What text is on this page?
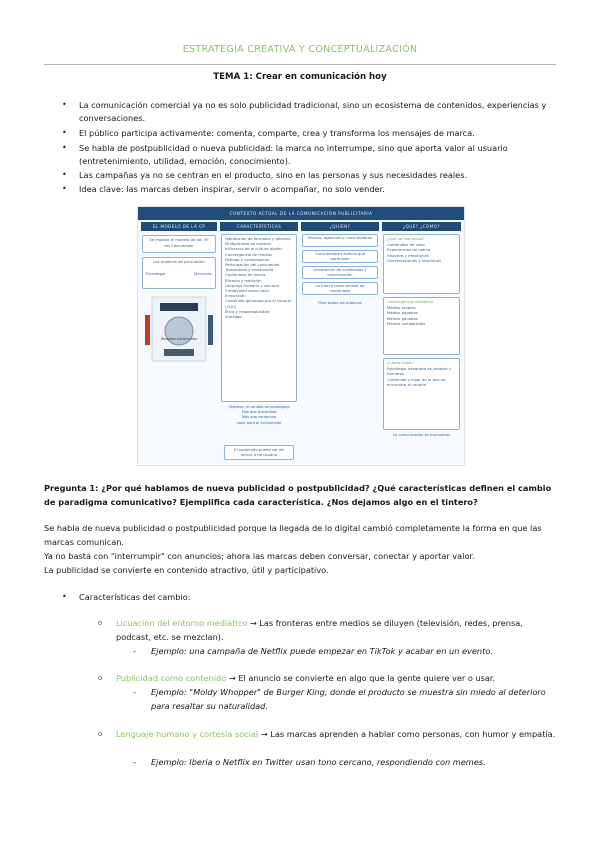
ESTRATEGIA CREATIVA Y CONCEPTUALIZACIÓN
TEMA 1: Crear en comunicación hoy
• La comunicación comercial ya no es solo publicidad tradicional, sino un ecosistema de contenidos, experiencias y conversaciones.
• El público participa activamente: comenta, comparte, crea y transforma los mensajes de marca.
• Se habla de postpublicidad o nueva publicidad: la marca no interrumpe, sino que aporta valor al usuario (entretenimiento, utilidad, emoción, conocimiento).
• Las campañas ya no se centran en el producto, sino en las personas y sus necesidades reales.
• Idea clave: las marcas deben inspirar, servir o acompañar, no solo vender.
CONTEXTO ACTUAL DE LA COMUNICACIÓN PUBLICITARIA
EL MODELO DE LA CP	CARACTERÍSTICAS	¿QUIÉN?	¿QUÉ? ¿CÓMO?
Se impone el modelo de las 'M' del Consumidor
Los modelos de persuasión
Estrategia	Ejecución
Receptor-Consumidor
Hibridación de formatos y géneros
Multiplicidad de canales
Influencia de la cultura digital
Convergencia de medios
Diálogo y conversación
Participación del consumidor
Transmedia y crossmedia
Contenidos de marca
Eficacia y medición
Lenguaje humano y cercano
Creatividad como valor
Innovación
Contenido generado por el usuario (CGU)
Ética y responsabilidad
Viralidad
Objetivo: el cambio de paradigma
Más que publicidad
Más que contenido
Valor para el consumidor
El contenido puede ser de marca o de usuario
Marcas, agencias y consumidores
Consumidores activos que participan
Generación de contenidos y conversación
La marca como emisor de contenidos
Para todos los públicos
¿Qué se comunica?
Contenidos de valor
Experiencias de marca
Historias y emociones
Conversaciones y relaciones
Convergencia mediática
Medios propios
Medios pagados
Medios ganados
Medios compartidos
¿Cómo llegar?
Estrategia integrada de canales y formatos
Contenido y lugar en el que se encuentra el usuario
La comunicación es transversal
Pregunta 1: ¿Por qué hablamos de nueva publicidad o postpublicidad? ¿Qué características definen el cambio de paradigma comunicativo? Ejemplifica cada característica. ¿Nos dejamos algo en el tintero?
Se habla de nueva publicidad o postpublicidad porque la llegada de lo digital cambió completamente la forma en que las marcas comunican.
Ya no basta con "interrumpir" con anuncios; ahora las marcas deben conversar, conectar y aportar valor.
La publicidad se convierte en contenido atractivo, útil y participativo.
• Características del cambio:
o Licuación del entorno mediático → Las fronteras entre medios se diluyen (televisión, redes, prensa, podcast, etc. se mezclan).
- Ejemplo: una campaña de Netflix puede empezar en TikTok y acabar en un evento.
o Publicidad como contenido → El anuncio se convierte en algo que la gente quiere ver o usar.
- Ejemplo: "Moldy Whopper" de Burger King, donde el producto se muestra sin miedo al deterioro para resaltar su naturalidad.
o Lenguaje humano y cortesía social → Las marcas aprenden a hablar como personas, con humor y empatía.
- Ejemplo: Iberia o Netflix en Twitter usan tono cercano, respondiendo con memes.
